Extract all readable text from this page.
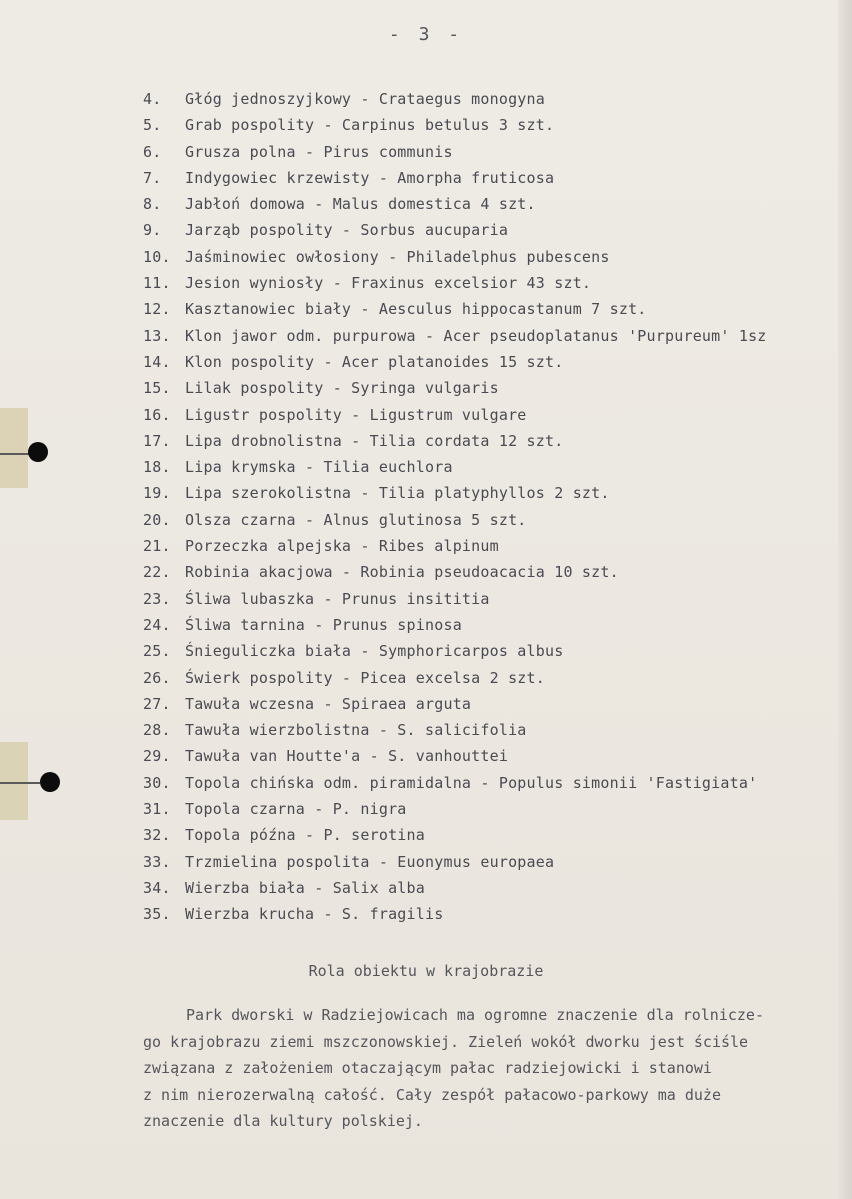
- 3 -
4. Głóg jednoszyjkowy - Crataegus monogyna
5. Grab pospolity - Carpinus betulus 3 szt.
6. Grusza polna - Pirus communis
7. Indygowiec krzewisty - Amorpha fruticosa
8. Jabłoń domowa - Malus domestica 4 szt.
9. Jarząb pospolity - Sorbus aucuparia
10. Jaśminowiec owłosiony - Philadelphus pubescens
11. Jesion wyniosły - Fraxinus excelsior 43 szt.
12. Kasztanowiec biały - Aesculus hippocastanum 7 szt.
13. Klon jawor odm. purpurowa - Acer pseudoplatanus 'Purpureum' 1sz
14. Klon pospolity - Acer platanoides 15 szt.
15. Lilak pospolity - Syringa vulgaris
16. Ligustr pospolity - Ligustrum vulgare
17. Lipa drobnolistna - Tilia cordata 12 szt.
18. Lipa krymska - Tilia euchlora
19. Lipa szerokolistna - Tilia platyphyllos 2 szt.
20. Olsza czarna - Alnus glutinosa 5 szt.
21. Porzeczka alpejska - Ribes alpinum
22. Robinia akacjowa - Robinia pseudoacacia 10 szt.
23. Śliwa lubaszka - Prunus insititia
24. Śliwa tarnina - Prunus spinosa
25. Śnieguliczka biała - Symphoricarpos albus
26. Świerk pospolity - Picea excelsa 2 szt.
27. Tawuła wczesna - Spiraea arguta
28. Tawuła wierzbolistna - S. salicifolia
29. Tawuła van Houtte'a - S. vanhouttei
30. Topola chińska odm. piramidalna - Populus simonii 'Fastigiata'
31. Topola czarna - P. nigra
32. Topola późna - P. serotina
33. Trzmielina pospolita - Euonymus europaea
34. Wierzba biała - Salix alba
35. Wierzba krucha - S. fragilis
Rola obiektu w krajobrazie
Park dworski w Radziejowicach ma ogromne znaczenie dla rolnicze-
go krajobrazu ziemi mszczonowskiej. Zieleń wokół dworku jest ściśle
związana z założeniem otaczającym pałac radziejowicki i stanowi
z nim nierozerwalną całość. Cały zespół pałacowo-parkowy ma duże
znaczenie dla kultury polskiej.
